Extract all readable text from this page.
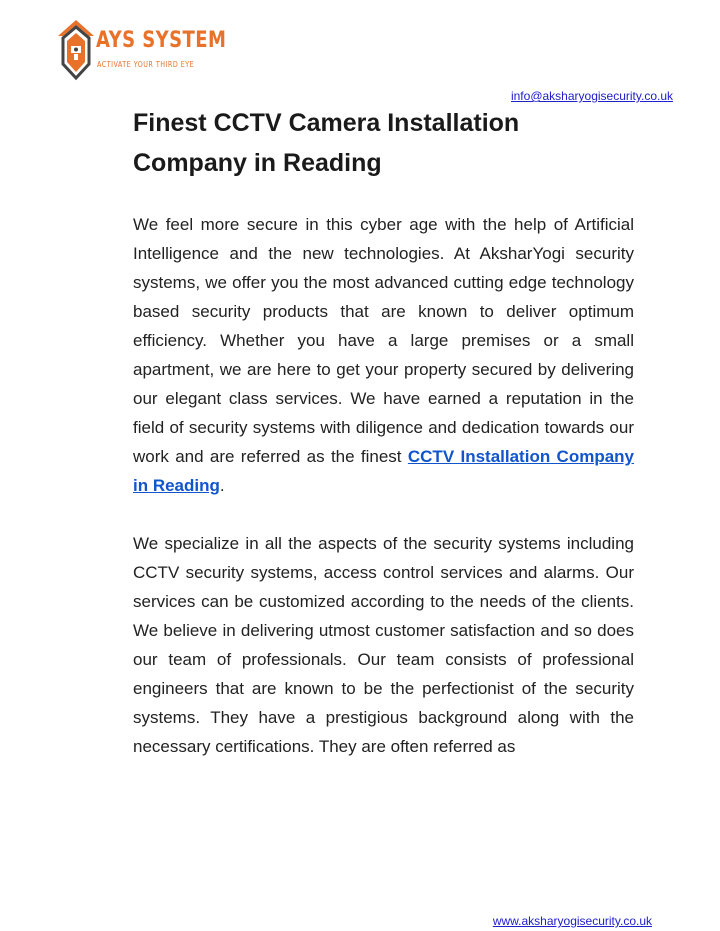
AYS SYSTEM
ACTIVATE YOUR THIRD EYE
info@aksharyogisecurity.co.uk
Finest CCTV Camera Installation Company in Reading

We feel more secure in this cyber age with the help of Artificial Intelligence and the new technologies. At AksharYogi security systems, we offer you the most advanced cutting edge technology based security products that are known to deliver optimum efficiency. Whether you have a large premises or a small apartment, we are here to get your property secured by delivering our elegant class services. We have earned a reputation in the field of security systems with diligence and dedication towards our work and are referred as the finest CCTV Installation Company in Reading.

We specialize in all the aspects of the security systems including CCTV security systems, access control services and alarms. Our services can be customized according to the needs of the clients. We believe in delivering utmost customer satisfaction and so does our team of professionals. Our team consists of professional engineers that are known to be the perfectionist of the security systems. They have a prestigious background along with the necessary certifications. They are often referred as

www.aksharyogisecurity.co.uk
